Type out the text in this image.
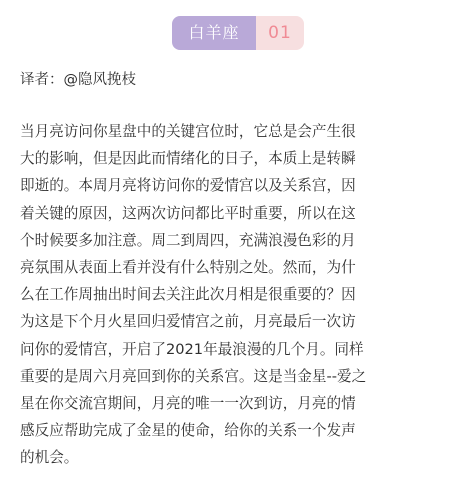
白羊座	01
译者：@隐风挽枝
当月亮访问你星盘中的关键宫位时，它总是会产生很
大的影响，但是因此而情绪化的日子，本质上是转瞬
即逝的。本周月亮将访问你的爱情宫以及关系宫，因
着关键的原因，这两次访问都比平时重要，所以在这
个时候要多加注意。周二到周四，充满浪漫色彩的月
亮氛围从表面上看并没有什么特别之处。然而，为什
么在工作周抽出时间去关注此次月相是很重要的？因
为这是下个月火星回归爱情宫之前，月亮最后一次访
问你的爱情宫，开启了2021年最浪漫的几个月。同样
重要的是周六月亮回到你的关系宫。这是当金星--爱之
星在你交流宫期间，月亮的唯一一次到访，月亮的情
感反应帮助完成了金星的使命，给你的关系一个发声
的机会。
